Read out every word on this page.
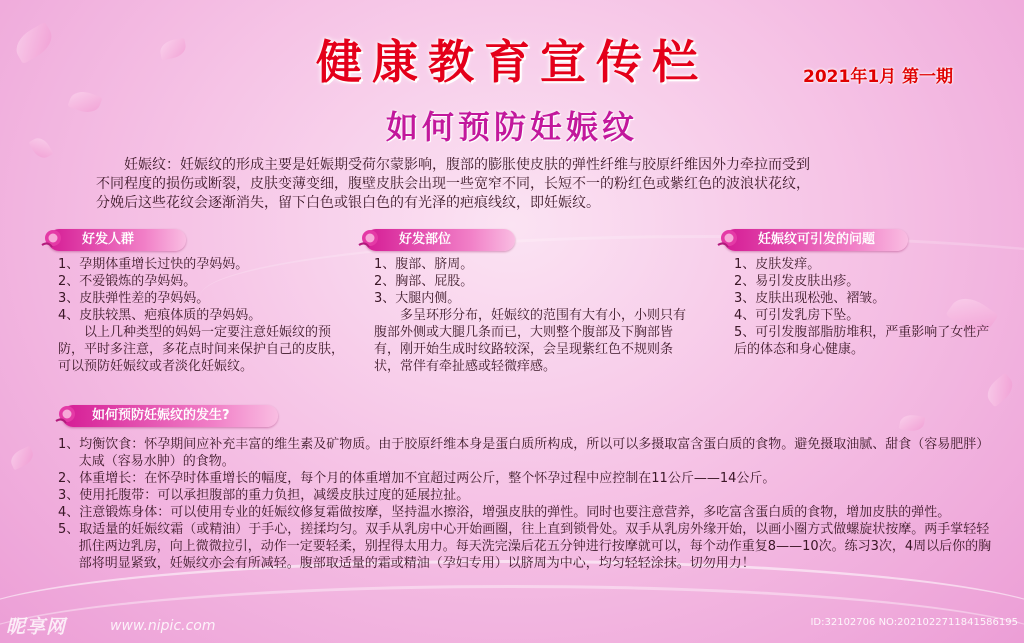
健康教育宣传栏	2021年1月 第一期
如何预防妊娠纹

妊娠纹：妊娠纹的形成主要是妊娠期受荷尔蒙影响，腹部的膨胀使皮肤的弹性纤维与胶原纤维因外力牵拉而受到

不同程度的损伤或断裂，皮肤变薄变细，腹壁皮肤会出现一些宽窄不同，长短不一的粉红色或紫红色的波浪状花纹，

分娩后这些花纹会逐渐消失，留下白色或银白色的有光泽的疤痕线纹，即妊娠纹。

好发人群

1、孕期体重增长过快的孕妈妈。

2、不爱锻炼的孕妈妈。

3、皮肤弹性差的孕妈妈。

4、皮肤较黑、疤痕体质的孕妈妈。

以上几种类型的妈妈一定要注意妊娠纹的预防，平时多注意，多花点时间来保护自己的皮肤，可以预防妊娠纹或者淡化妊娠纹。

好发部位

1、腹部、脐周。

2、胸部、屁股。

3、大腿内侧。

多呈环形分布，妊娠纹的范围有大有小，小则只有腹部外侧或大腿几条而已，大则整个腹部及下胸部皆有，刚开始生成时纹路较深，会呈现紫红色不规则条状，常伴有牵扯感或轻微痒感。

妊娠纹可引发的问题

1、皮肤发痒。

2、易引发皮肤出疹。

3、皮肤出现松弛、褶皱。

4、可引发乳房下坠。

5、可引发腹部脂肪堆积，严重影响了女性产后的体态和身心健康。

如何预防妊娠纹的发生?

1、均衡饮食：怀孕期间应补充丰富的维生素及矿物质。由于胶原纤维本身是蛋白质所构成，所以可以多摄取富含蛋白质的食物。避免摄取油腻、甜食（容易肥胖）太咸（容易水肿）的食物。

2、体重增长：在怀孕时体重增长的幅度，每个月的体重增加不宜超过两公斤，整个怀孕过程中应控制在11公斤——14公斤。

3、使用托腹带：可以承担腹部的重力负担，减缓皮肤过度的延展拉扯。

4、注意锻炼身体：可以使用专业的妊娠纹修复霜做按摩，坚持温水擦浴，增强皮肤的弹性。同时也要注意营养，多吃富含蛋白质的食物，增加皮肤的弹性。

5、取适量的妊娠纹霜（或精油）于手心，搓揉均匀。双手从乳房中心开始画圈，往上直到锁骨处。双手从乳房外缘开始，以画小圈方式做螺旋状按摩。两手掌轻轻抓住两边乳房，向上微微拉引，动作一定要轻柔，别捏得太用力。每天洗完澡后花五分钟进行按摩就可以，每个动作重复8——10次。练习3次，4周以后你的胸部将明显紧致，妊娠纹亦会有所减轻。腹部取适量的霜或精油（孕妇专用）以脐周为中心，均匀轻轻涂抹。切勿用力！

昵享网	www.nipic.com	ID:32102706 NO:20210227118415861​95
